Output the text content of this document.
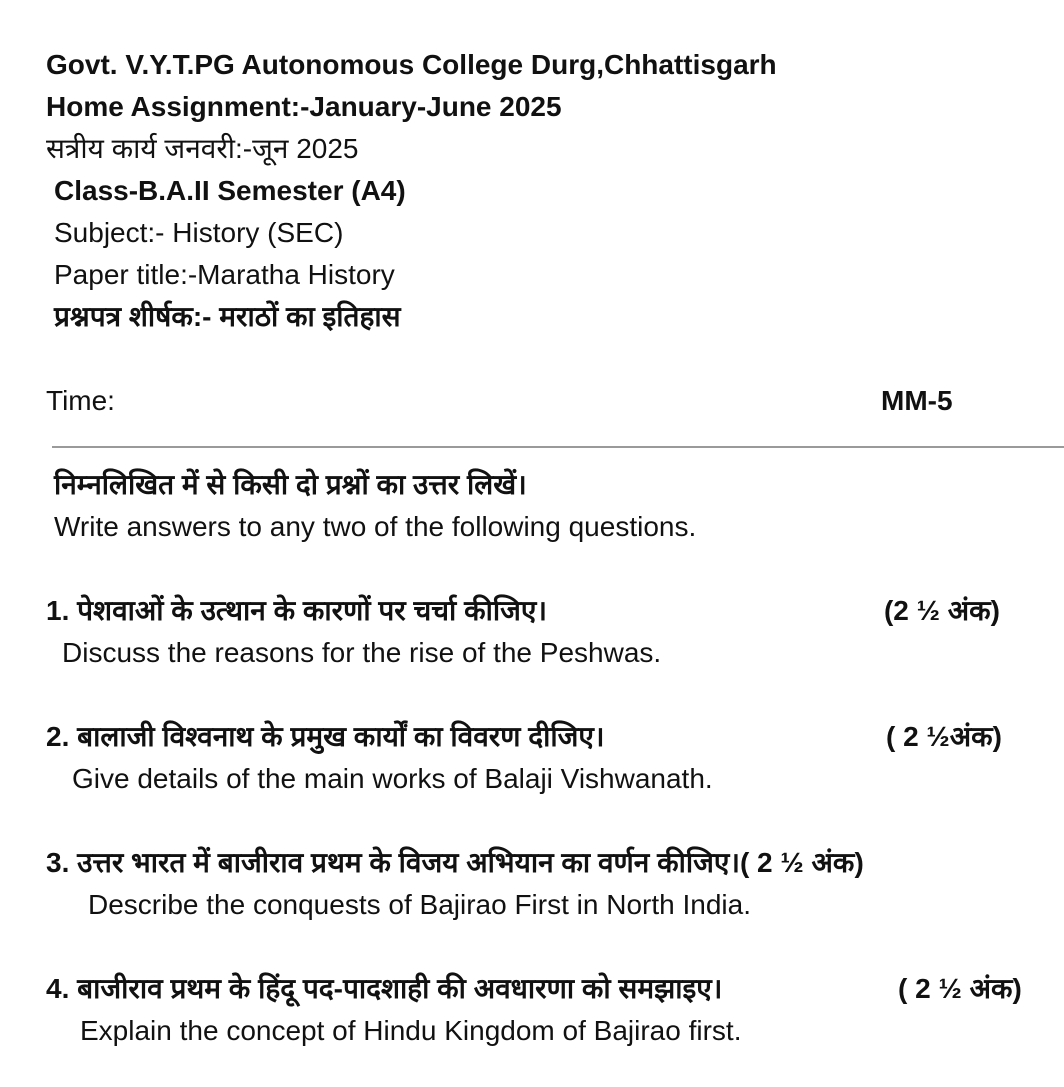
Govt. V.Y.T.PG Autonomous College Durg,Chhattisgarh
Home Assignment:-January-June 2025
सत्रीय कार्य जनवरी:-जून 2025
Class-B.A.II Semester (A4)
Subject:- History (SEC)
Paper title:-Maratha History
प्रश्नपत्र शीर्षक:- मराठों का इतिहास
Time:	MM-5
निम्नलिखित में से किसी दो प्रश्नों का उत्तर लिखें।
Write answers to any two of the following questions.
1. पेशवाओं के उत्थान के कारणों पर चर्चा कीजिए।	(2 ½ अंक)
Discuss the reasons for the rise of the Peshwas.
2. बालाजी विश्वनाथ के प्रमुख कार्यों का विवरण दीजिए।	( 2 ½अंक)
Give details of the main works of Balaji Vishwanath.
3. उत्तर भारत में बाजीराव प्रथम के विजय अभियान का वर्णन कीजिए।( 2 ½ अंक)
Describe the conquests of Bajirao First in North India.
4. बाजीराव प्रथम के हिंदू पद-पादशाही की अवधारणा को समझाइए।	( 2 ½ अंक)
Explain the concept of Hindu Kingdom of Bajirao first.
